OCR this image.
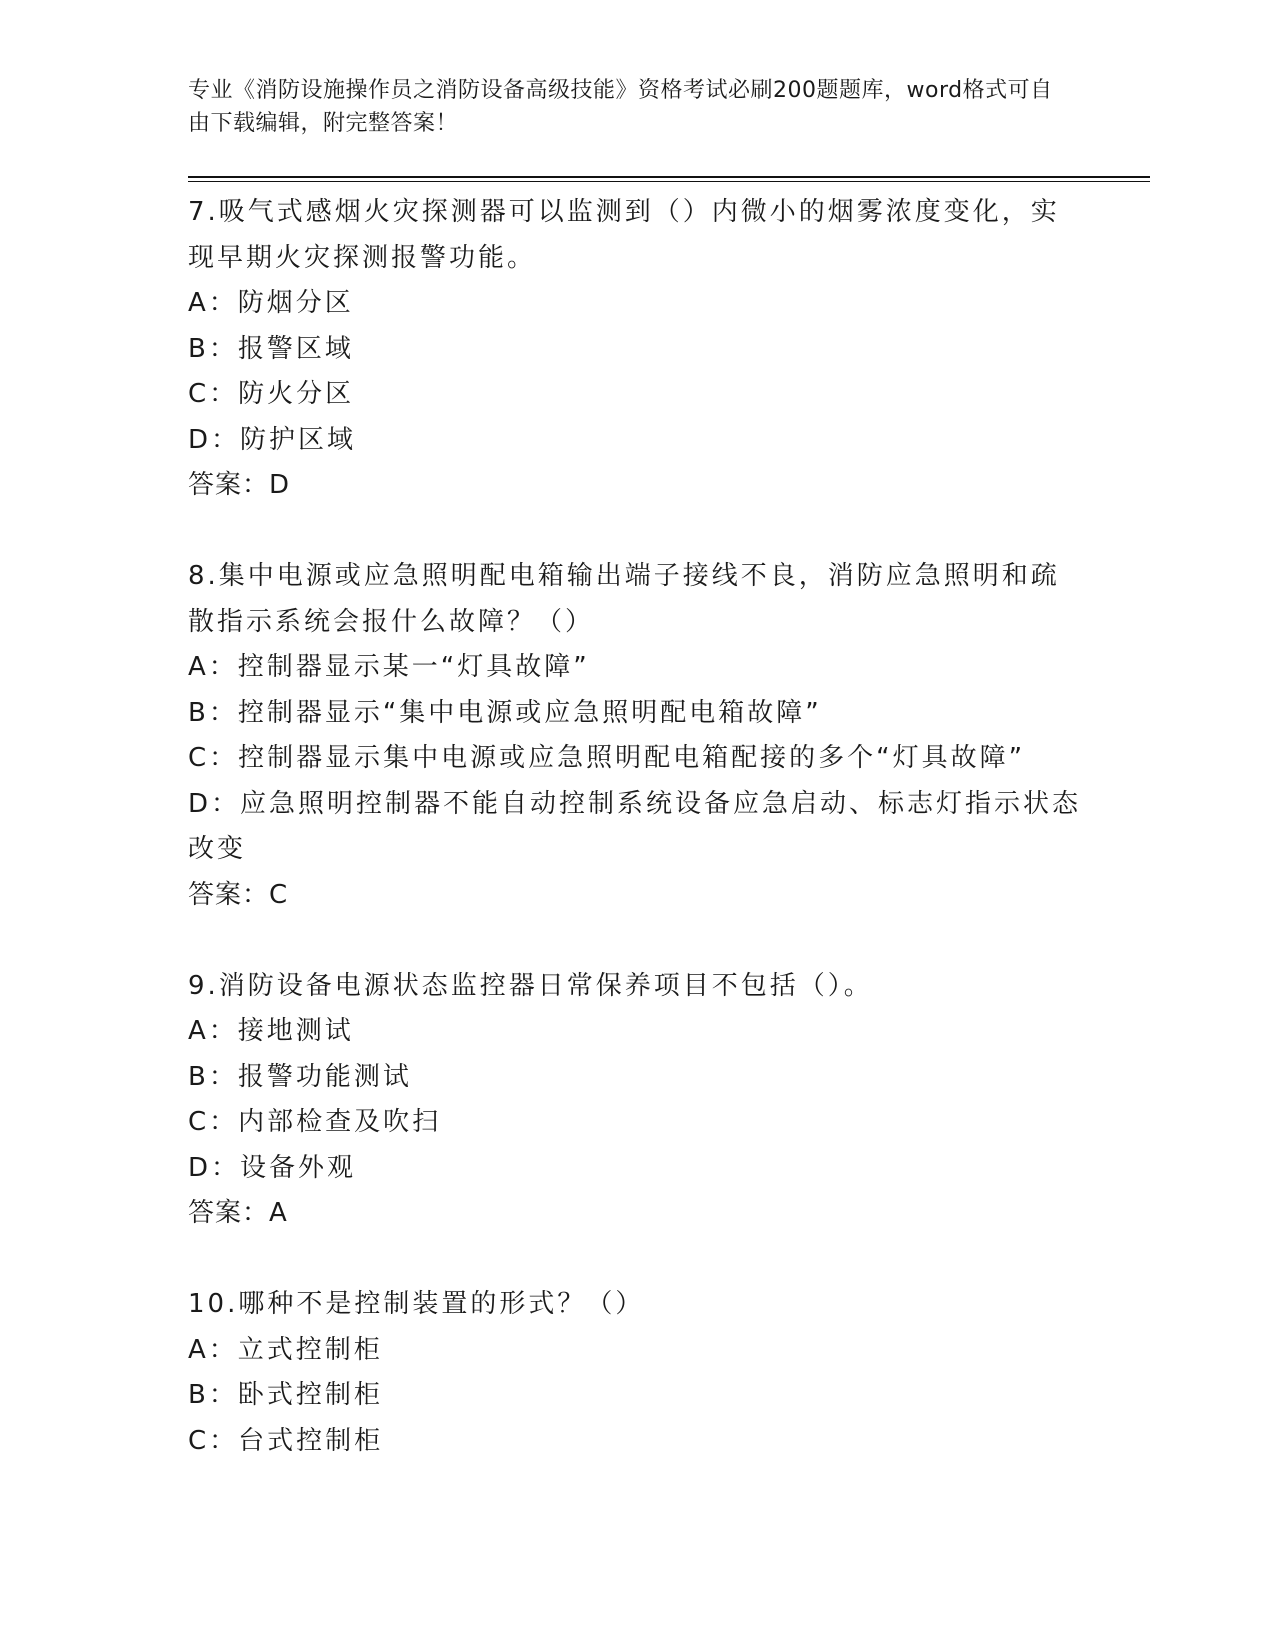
专业《消防设施操作员之消防设备高级技能》资格考试必刷200题题库，word格式可自由下载编辑，附完整答案！
7.吸气式感烟火灾探测器可以监测到（）内微小的烟雾浓度变化，实
现早期火灾探测报警功能。
A：防烟分区
B：报警区域
C：防火分区
D：防护区域
答案：D
8.集中电源或应急照明配电箱输出端子接线不良，消防应急照明和疏
散指示系统会报什么故障？（）
A：控制器显示某一“灯具故障”
B：控制器显示“集中电源或应急照明配电箱故障”
C：控制器显示集中电源或应急照明配电箱配接的多个“灯具故障”
D：应急照明控制器不能自动控制系统设备应急启动、标志灯指示状态
改变
答案：C
9.消防设备电源状态监控器日常保养项目不包括（）。
A：接地测试
B：报警功能测试
C：内部检查及吹扫
D：设备外观
答案：A
10.哪种不是控制装置的形式？（）
A：立式控制柜
B：卧式控制柜
C：台式控制柜
